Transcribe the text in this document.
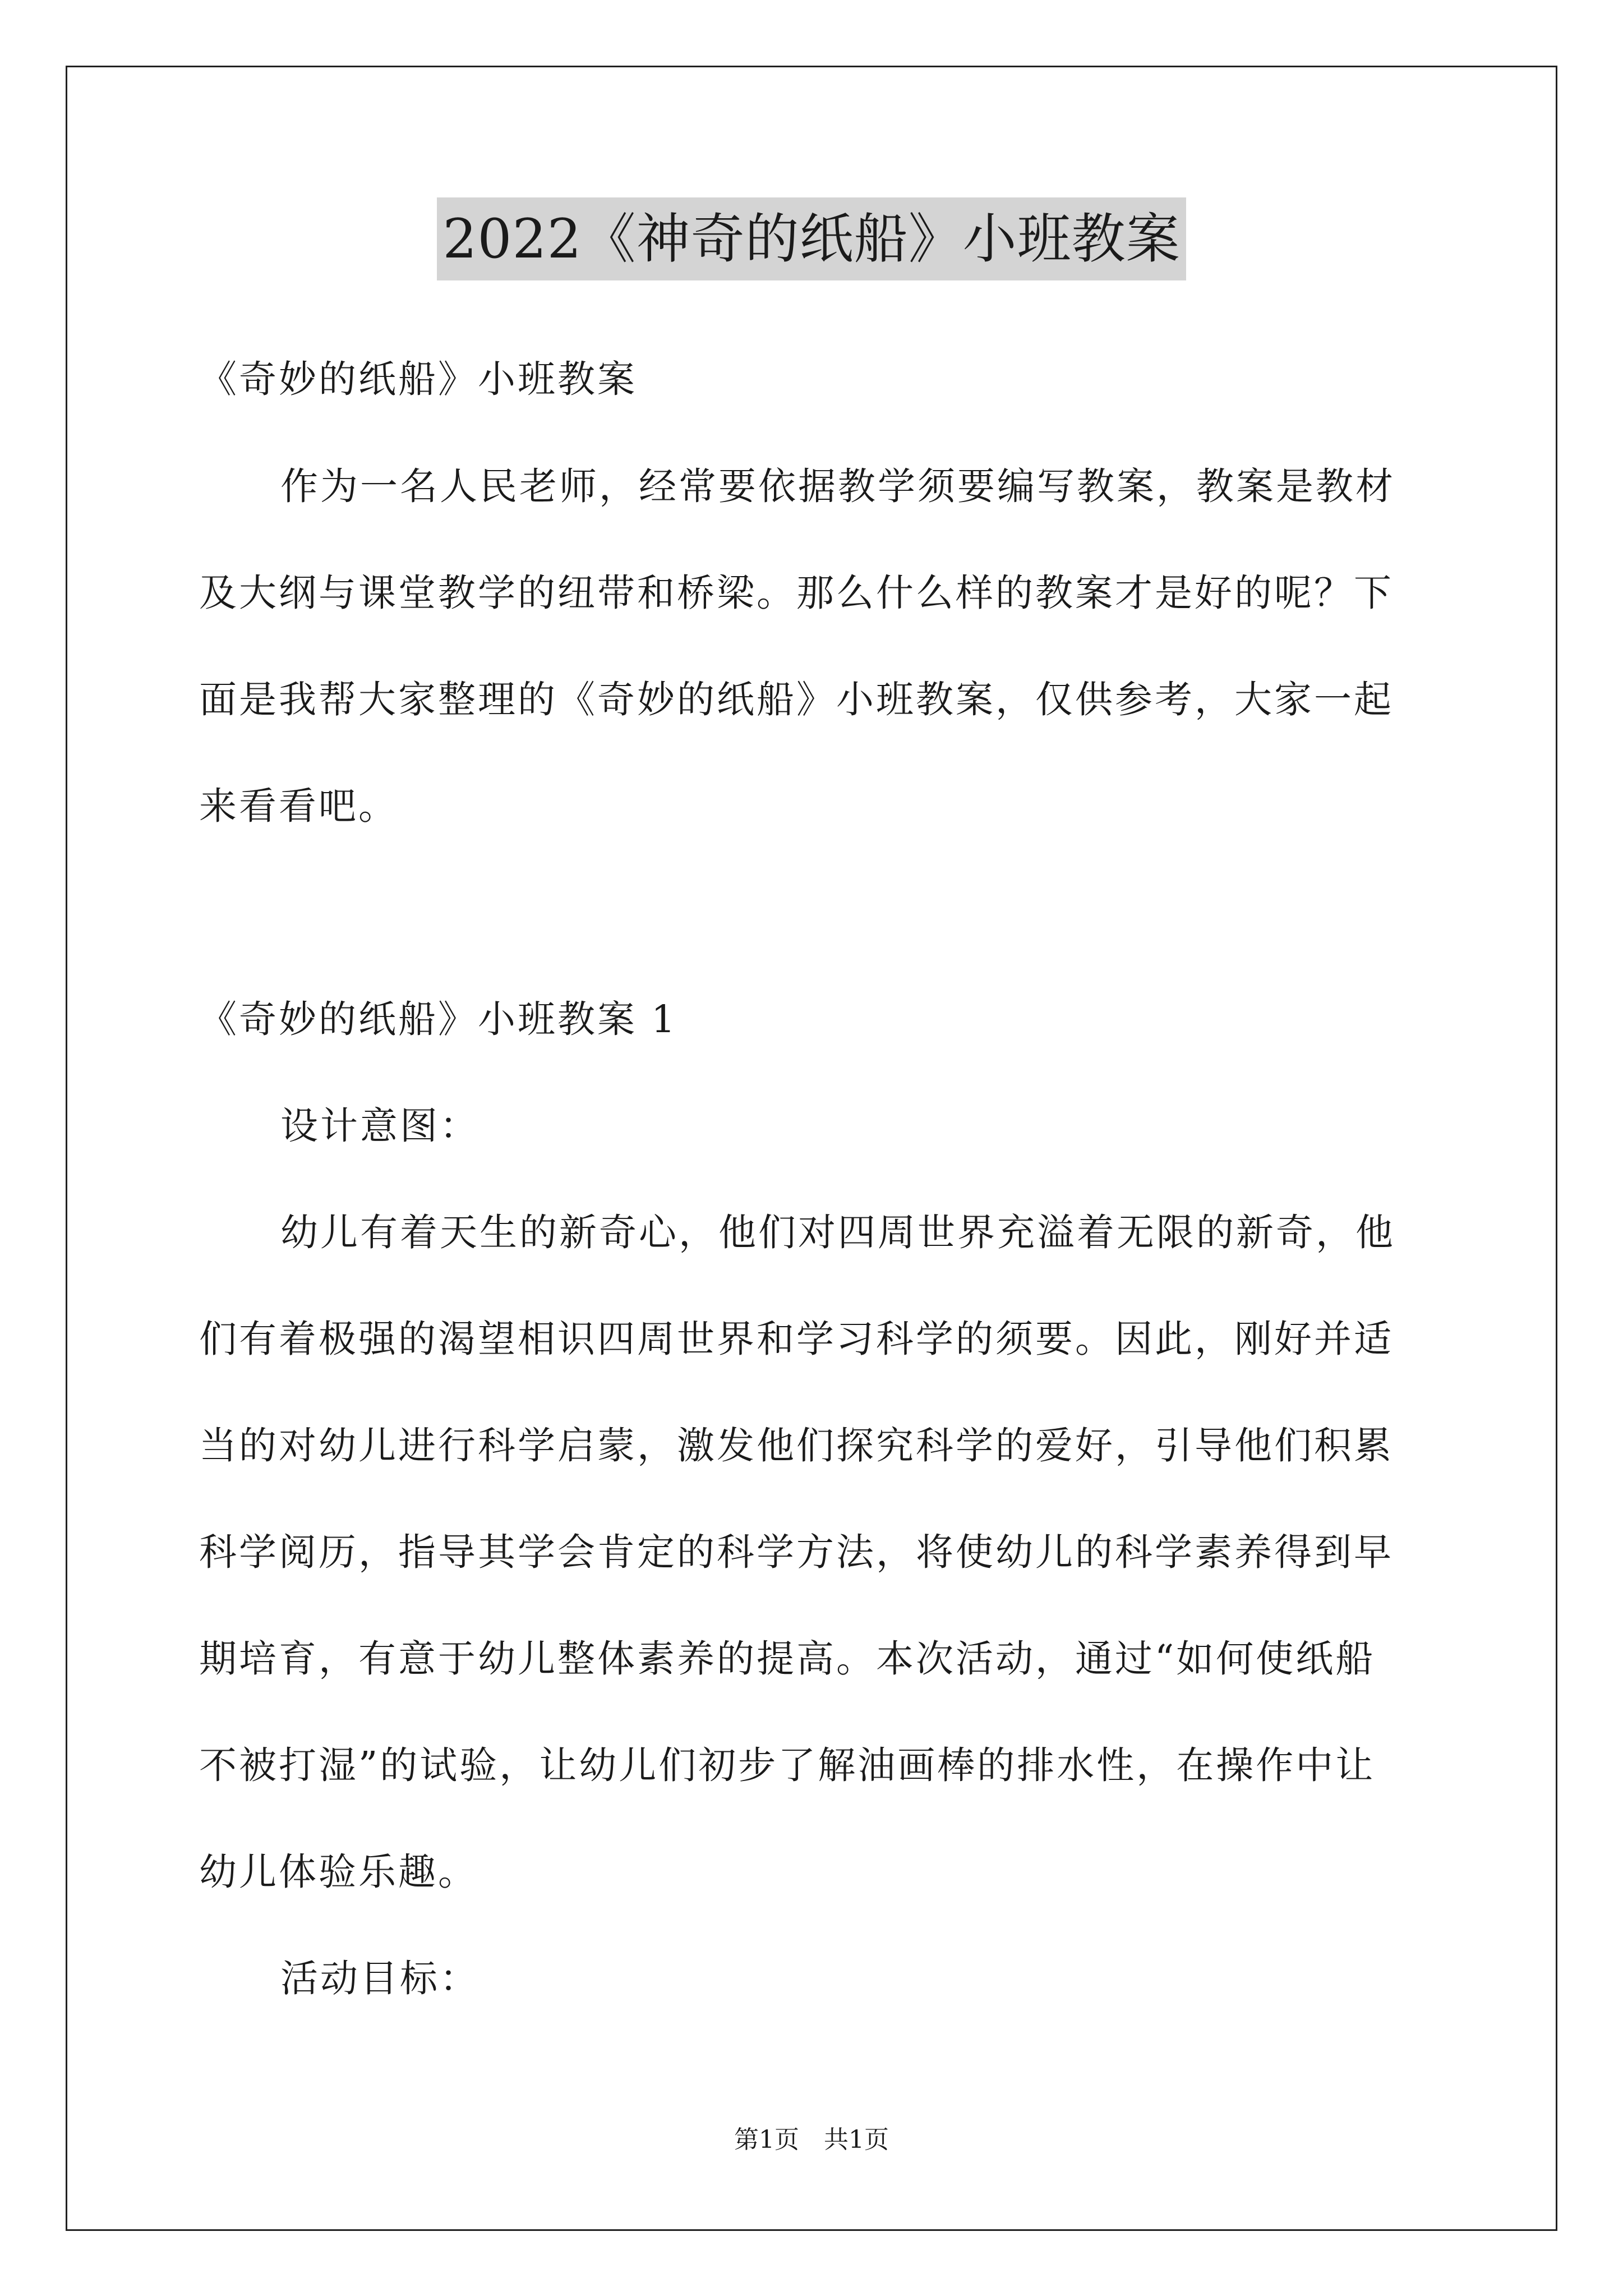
2022《神奇的纸船》小班教案
《奇妙的纸船》小班教案
作为一名人民老师，经常要依据教学须要编写教案，教案是教材
及大纲与课堂教学的纽带和桥梁。那么什么样的教案才是好的呢？下
面是我帮大家整理的《奇妙的纸船》小班教案，仅供参考，大家一起
来看看吧。
《奇妙的纸船》小班教案 1
设计意图：
幼儿有着天生的新奇心，他们对四周世界充溢着无限的新奇，他
们有着极强的渴望相识四周世界和学习科学的须要。因此，刚好并适
当的对幼儿进行科学启蒙，激发他们探究科学的爱好，引导他们积累
科学阅历，指导其学会肯定的科学方法，将使幼儿的科学素养得到早
期培育，有意于幼儿整体素养的提高。本次活动，通过“如何使纸船
不被打湿”的试验，让幼儿们初步了解油画棒的排水性，在操作中让
幼儿体验乐趣。
活动目标：
第1页　共1页
